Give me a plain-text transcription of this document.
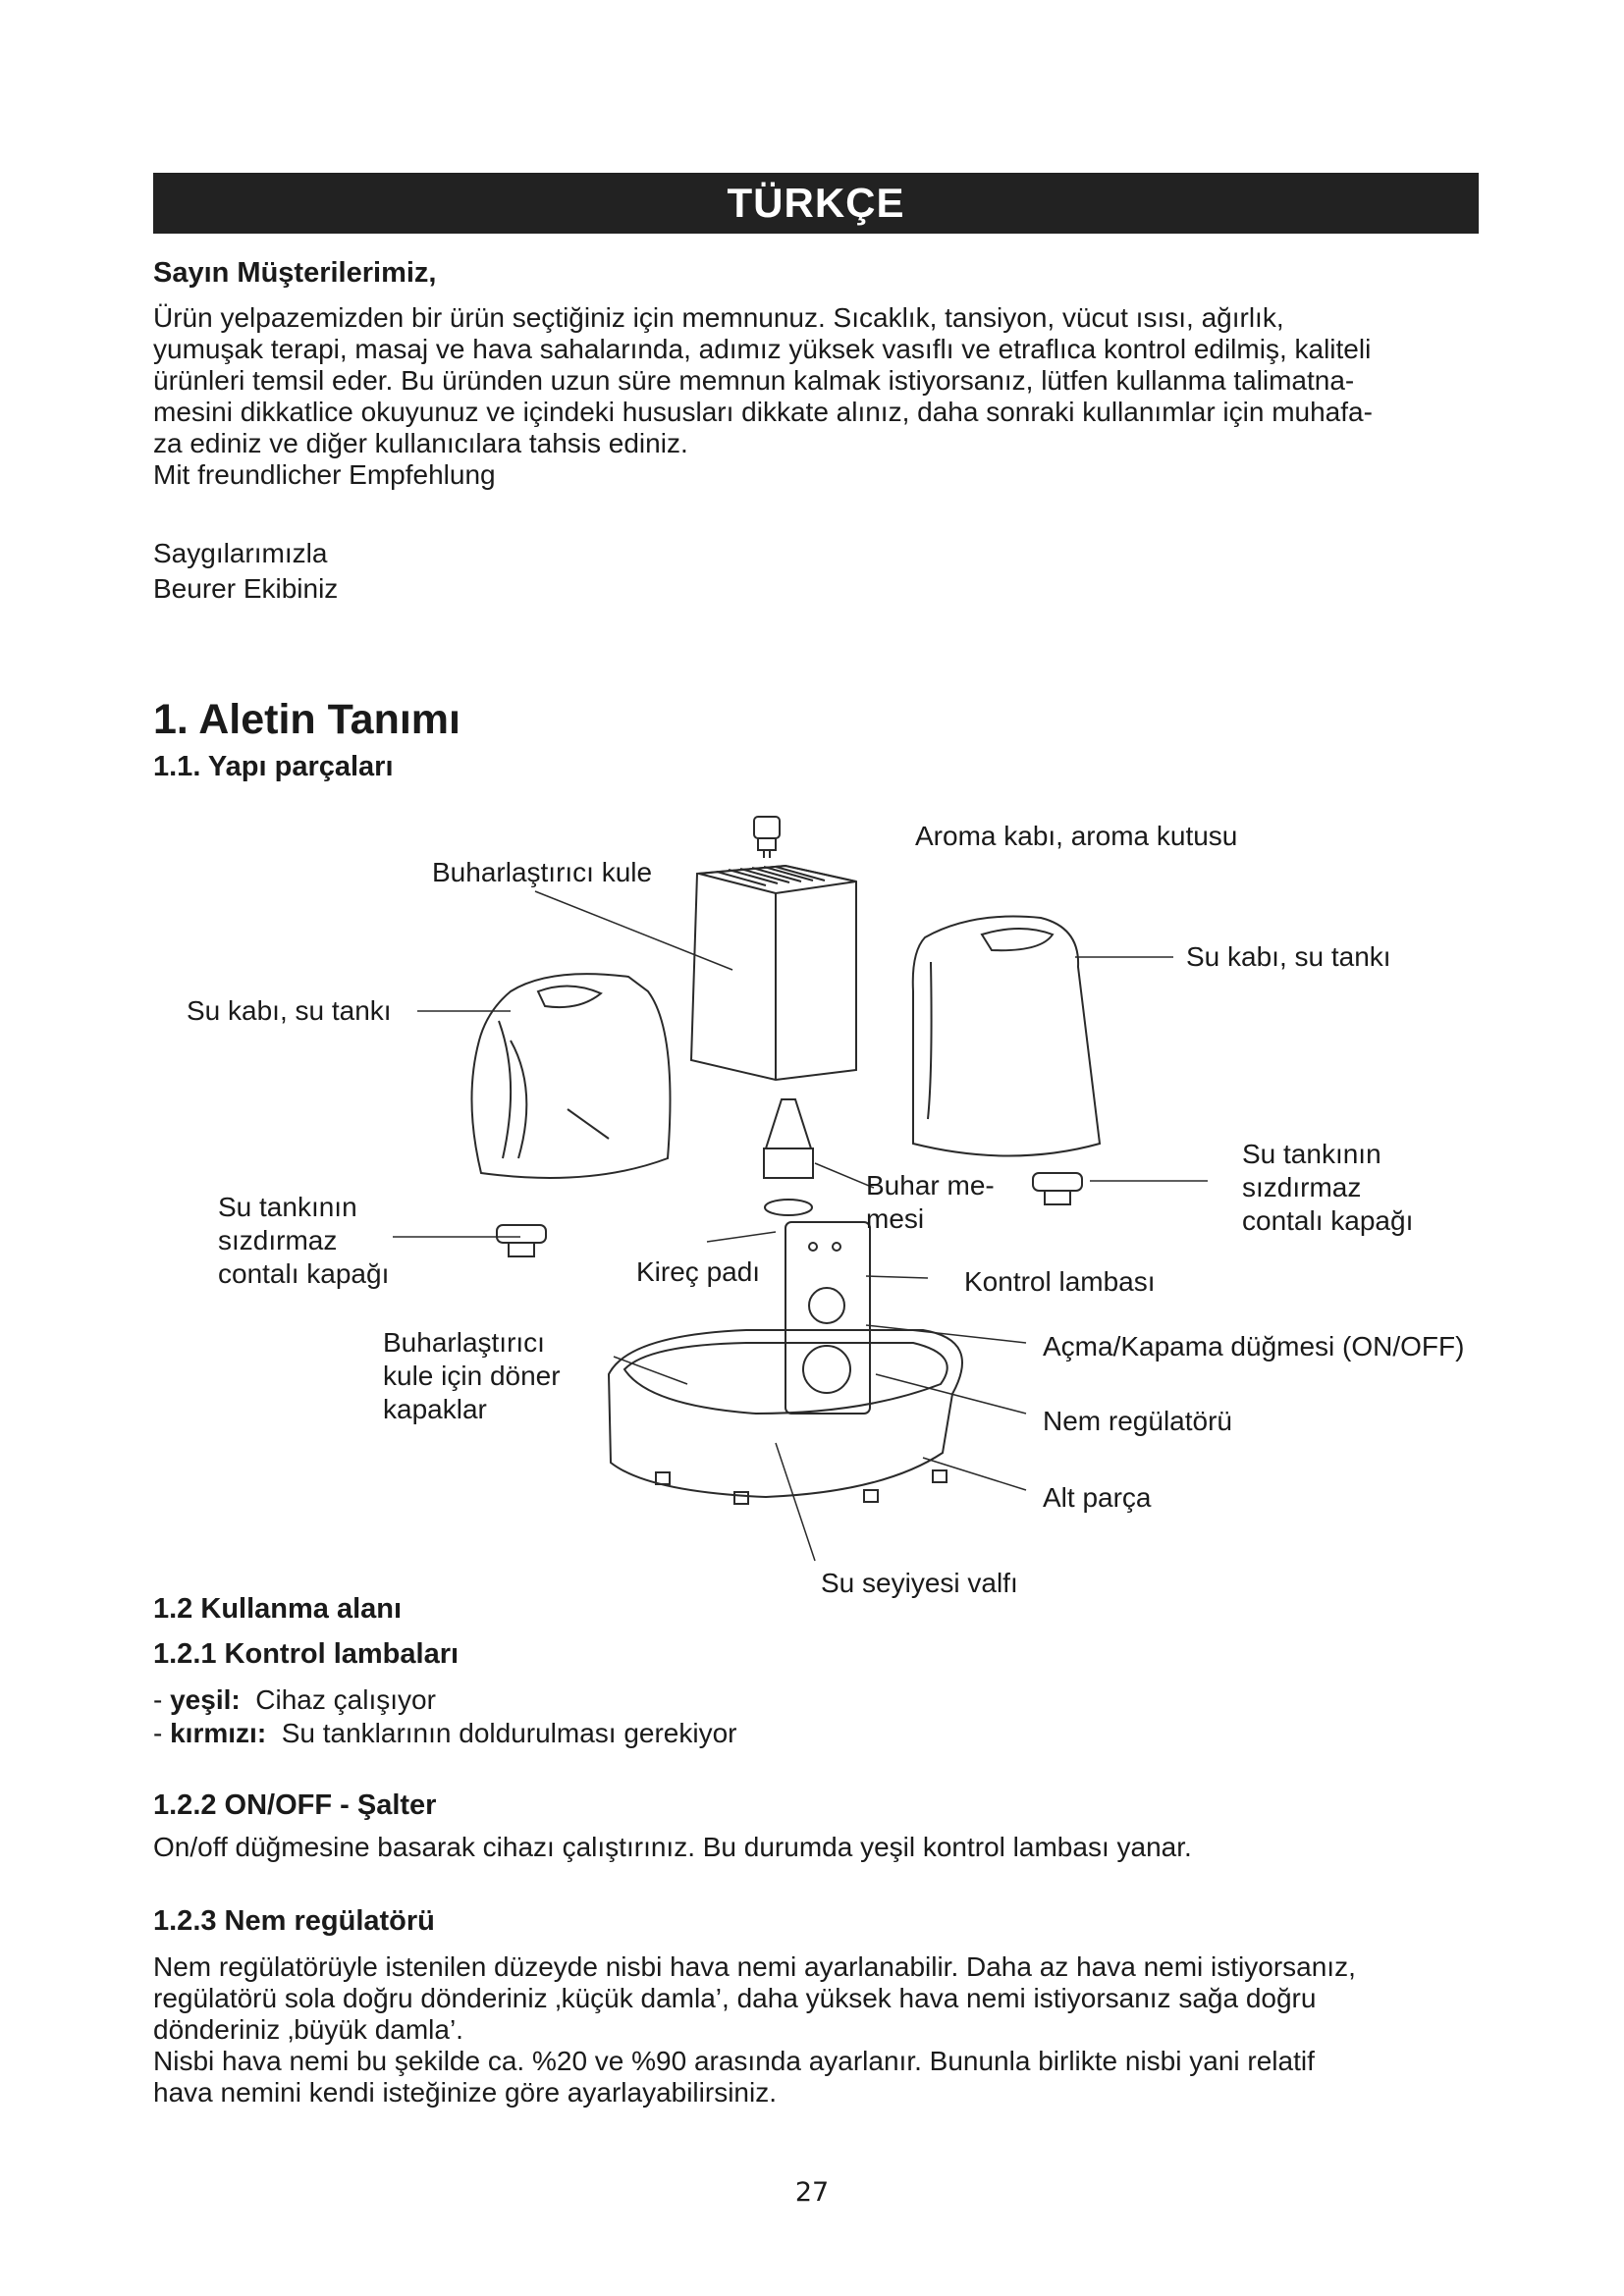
TÜRKÇE
Sayın Müşterilerimiz,
Ürün yelpazemizden bir ürün seçtiğiniz için memnunuz. Sıcaklık, tansiyon, vücut ısısı, ağırlık,
yumuşak terapi, masaj ve hava sahalarında, adımız yüksek vasıflı ve etraflıca kontrol edilmiş, kaliteli
ürünleri temsil eder. Bu üründen uzun süre memnun kalmak istiyorsanız, lütfen kullanma talimatna-
mesini dikkatlice okuyunuz ve içindeki hususları dikkate alınız, daha sonraki kullanımlar için muhafa-
za ediniz ve diğer kullanıcılara tahsis ediniz.
Mit freundlicher Empfehlung
Saygılarımızla
Beurer Ekibiniz
1. Aletin Tanımı
1.1. Yapı parçaları
Aroma kabı, aroma kutusu
Buharlaştırıcı kule
Su kabı, su tankı
Su kabı, su tankı
Su tankının
sızdırmaz
contalı kapağı
Su tankının
sızdırmaz
contalı kapağı
Buhar me-
mesi
Kireç padı	Kontrol lambası
Buharlaştırıcı
kule için döner
kapaklar
Açma/Kapama düğmesi (ON/OFF)
Nem regülatörü
Alt parça
Su seyiyesi valfı
1.2 Kullanma alanı
1.2.1 Kontrol lambaları
- yeşil: Cihaz çalışıyor
- kırmızı: Su tanklarının doldurulması gerekiyor
1.2.2 ON/OFF - Şalter
On/off düğmesine basarak cihazı çalıştırınız. Bu durumda yeşil kontrol lambası yanar.
1.2.3 Nem regülatörü
Nem regülatörüyle istenilen düzeyde nisbi hava nemi ayarlanabilir. Daha az hava nemi istiyorsanız,
regülatörü sola doğru dönderiniz ‚küçük damla’, daha yüksek hava nemi istiyorsanız sağa doğru
dönderiniz ‚büyük damla’.
Nisbi hava nemi bu şekilde ca. %20 ve %90 arasında ayarlanır. Bununla birlikte nisbi yani relatif
hava nemini kendi isteğinize göre ayarlayabilirsiniz.
27
